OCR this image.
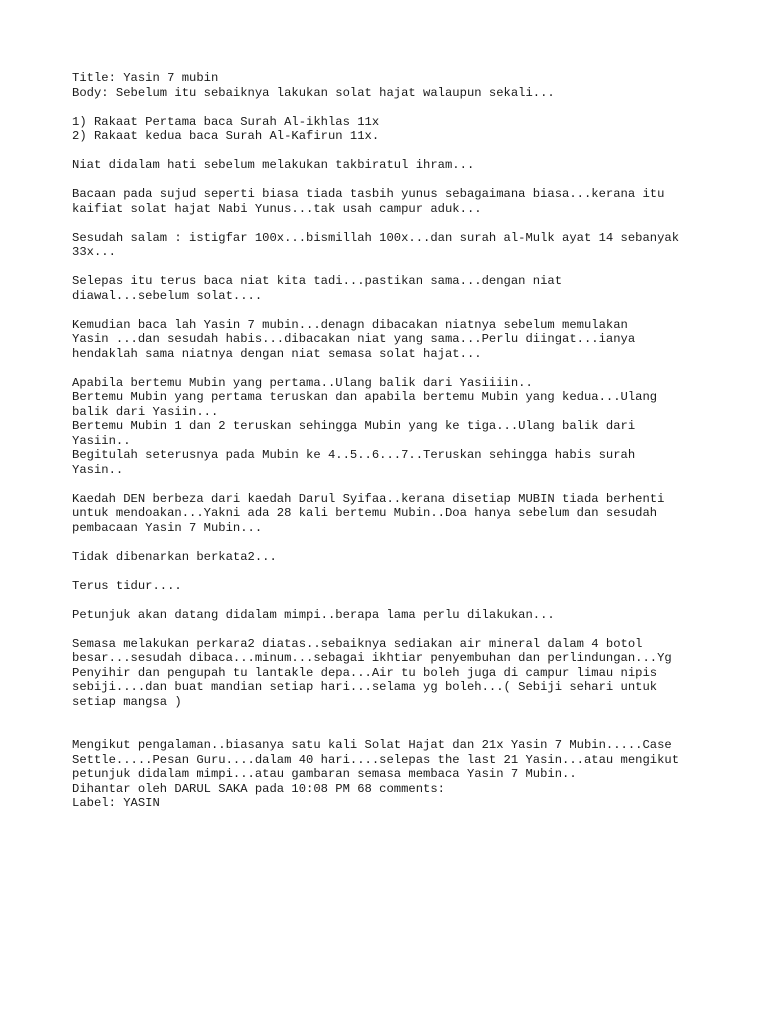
Title: Yasin 7 mubin
Body: Sebelum itu sebaiknya lakukan solat hajat walaupun sekali...
1) Rakaat Pertama baca Surah Al-ikhlas 11x
2) Rakaat kedua baca Surah Al-Kafirun 11x.
Niat didalam hati sebelum melakukan takbiratul ihram...
Bacaan pada sujud seperti biasa tiada tasbih yunus sebagaimana biasa...kerana itu
kaifiat solat hajat Nabi Yunus...tak usah campur aduk...
Sesudah salam : istigfar 100x...bismillah 100x...dan surah al-Mulk ayat 14 sebanyak
33x...
Selepas itu terus baca niat kita tadi...pastikan sama...dengan niat
diawal...sebelum solat....
Kemudian baca lah Yasin 7 mubin...denagn dibacakan niatnya sebelum memulakan
Yasin ...dan sesudah habis...dibacakan niat yang sama...Perlu diingat...ianya
hendaklah sama niatnya dengan niat semasa solat hajat...
Apabila bertemu Mubin yang pertama..Ulang balik dari Yasiiiin..
Bertemu Mubin yang pertama teruskan dan apabila bertemu Mubin yang kedua...Ulang
balik dari Yasiin...
Bertemu Mubin 1 dan 2 teruskan sehingga Mubin yang ke tiga...Ulang balik dari
Yasiin..
Begitulah seterusnya pada Mubin ke 4..5..6...7..Teruskan sehingga habis surah
Yasin..
Kaedah DEN berbeza dari kaedah Darul Syifaa..kerana disetiap MUBIN tiada berhenti
untuk mendoakan...Yakni ada 28 kali bertemu Mubin..Doa hanya sebelum dan sesudah
pembacaan Yasin 7 Mubin...
Tidak dibenarkan berkata2...
Terus tidur....
Petunjuk akan datang didalam mimpi..berapa lama perlu dilakukan...
Semasa melakukan perkara2 diatas..sebaiknya sediakan air mineral dalam 4 botol
besar...sesudah dibaca...minum...sebagai ikhtiar penyembuhan dan perlindungan...Yg
Penyihir dan pengupah tu lantakle depa...Air tu boleh juga di campur limau nipis
sebiji....dan buat mandian setiap hari...selama yg boleh...( Sebiji sehari untuk
setiap mangsa )
Mengikut pengalaman..biasanya satu kali Solat Hajat dan 21x Yasin 7 Mubin.....Case
Settle.....Pesan Guru....dalam 40 hari....selepas the last 21 Yasin...atau mengikut
petunjuk didalam mimpi...atau gambaran semasa membaca Yasin 7 Mubin..
Dihantar oleh DARUL SAKA pada 10:08 PM 68 comments:
Label: YASIN
